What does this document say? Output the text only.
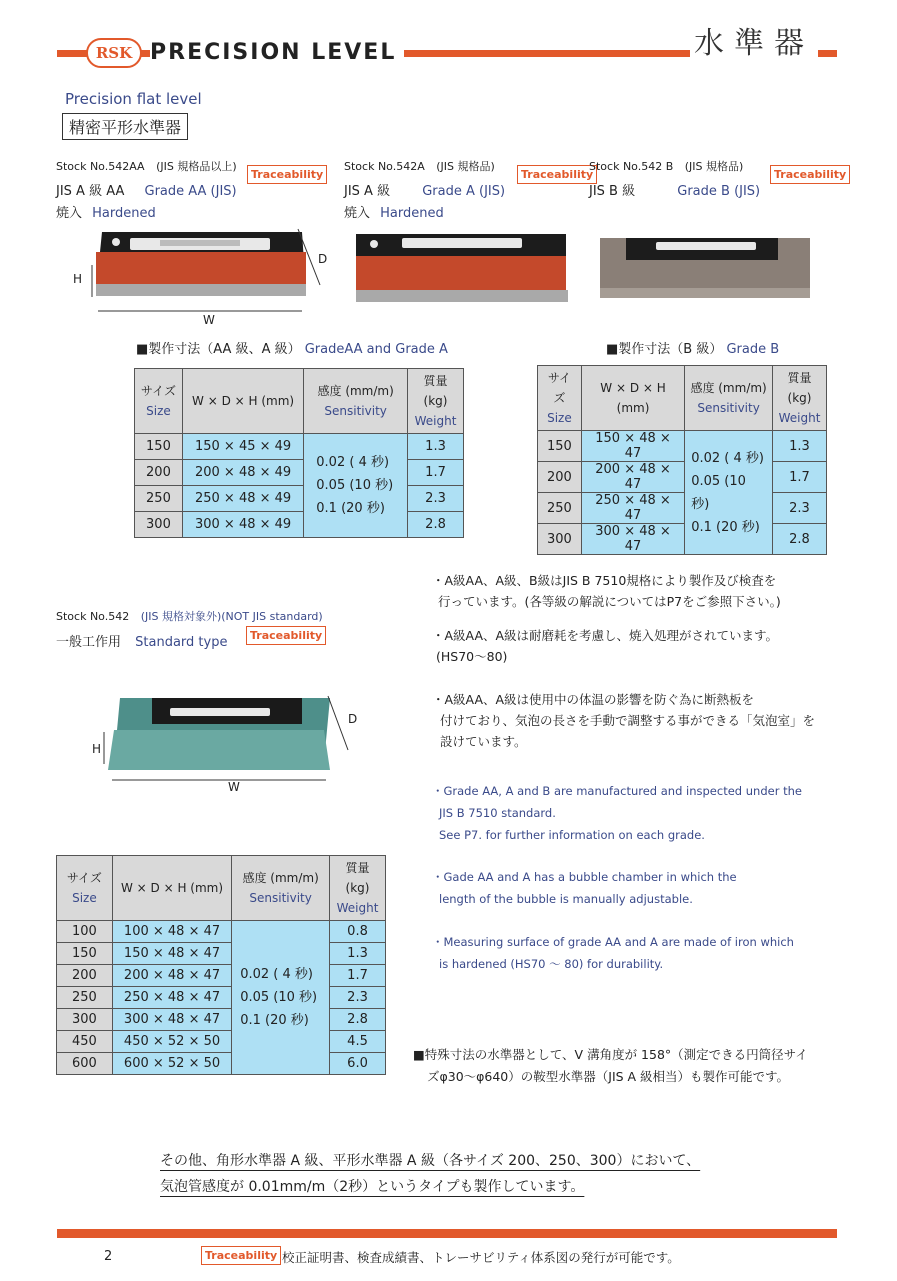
RSK PRECISION LEVEL	水準器
Precision flat level
精密平形水準器
Stock No.542AA (JIS 規格品以上)
Traceability
JIS A 級 AA Grade AA (JIS)
焼入 Hardened
H
D
W
Stock No.542A (JIS 規格品)
Traceability
JIS A 級 Grade A (JIS)
焼入 Hardened
Stock No.542 B (JIS 規格品)
Traceability
JIS B 級	Grade B (JIS)
■製作寸法（AA 級、A 級） GradeAA and Grade A
サイズ
Size	W × D × H (mm)	感度 (mm/m)
Sensitivity	質量(kg)
Weight
150	150 × 45 × 49	0.02 ( 4 秒)
0.05 (10 秒)
0.1 (20 秒)	1.3
200	200 × 48 × 49		1.7
250	250 × 48 × 49		2.3
300	300 × 48 × 49		2.8
■製作寸法（B 級） Grade B
サイズ
Size	W × D × H (mm)	感度 (mm/m)
Sensitivity	質量(kg)
Weight
150	150 × 48 × 47	0.02 ( 4 秒)
0.05 (10 秒)
0.1 (20 秒)	1.3
200	200 × 48 × 47		1.7
250	250 × 48 × 47		2.3
300	300 × 48 × 47		2.8
Stock No.542 (JIS 規格対象外)(NOT JIS standard)
一般工作用 Standard type	Traceability
H
D
W
サイズ
Size	W × D × H (mm)	感度 (mm/m)
Sensitivity	質量(kg)
Weight
100	100 × 48 × 47	0.02 ( 4 秒)
0.05 (10 秒)
0.1 (20 秒)	0.8
150	150 × 48 × 47		1.3
200	200 × 48 × 47		1.7
250	250 × 48 × 47		2.3
300	300 × 48 × 47		2.8
450	450 × 52 × 50		4.5
600	600 × 52 × 50		6.0
・A級AA、A級、B級はJIS B 7510規格により製作及び検査を
行っています。(各等級の解説についてはP7をご参照下さい。)
・A級AA、A級は耐磨耗を考慮し、焼入処理がされています。
(HS70～80)
・A級AA、A級は使用中の体温の影響を防ぐ為に断熱板を
付けており、気泡の長さを手動で調整する事ができる「気泡室」を
設けています。
・Grade AA, A and B are manufactured and inspected under the
JIS B 7510 standard.
See P7. for further information on each grade.
・Gade AA and A has a bubble chamber in which the
length of the bubble is manually adjustable.
・Measuring surface of grade AA and A are made of iron which
is hardened (HS70 ～ 80) for durability.
■特殊寸法の水準器として、V 溝角度が 158°（測定できる円筒径サイ
ズφ30～φ640）の鞍型水準器（JIS A 級相当）も製作可能です。
その他、角形水準器 A 級、平形水準器 A 級（各サイズ 200、250、300）において、
気泡管感度が 0.01mm/m（2秒）というタイプも製作しています。
2	Traceability 校正証明書、検査成績書、トレーサビリティ体系図の発行が可能です。
